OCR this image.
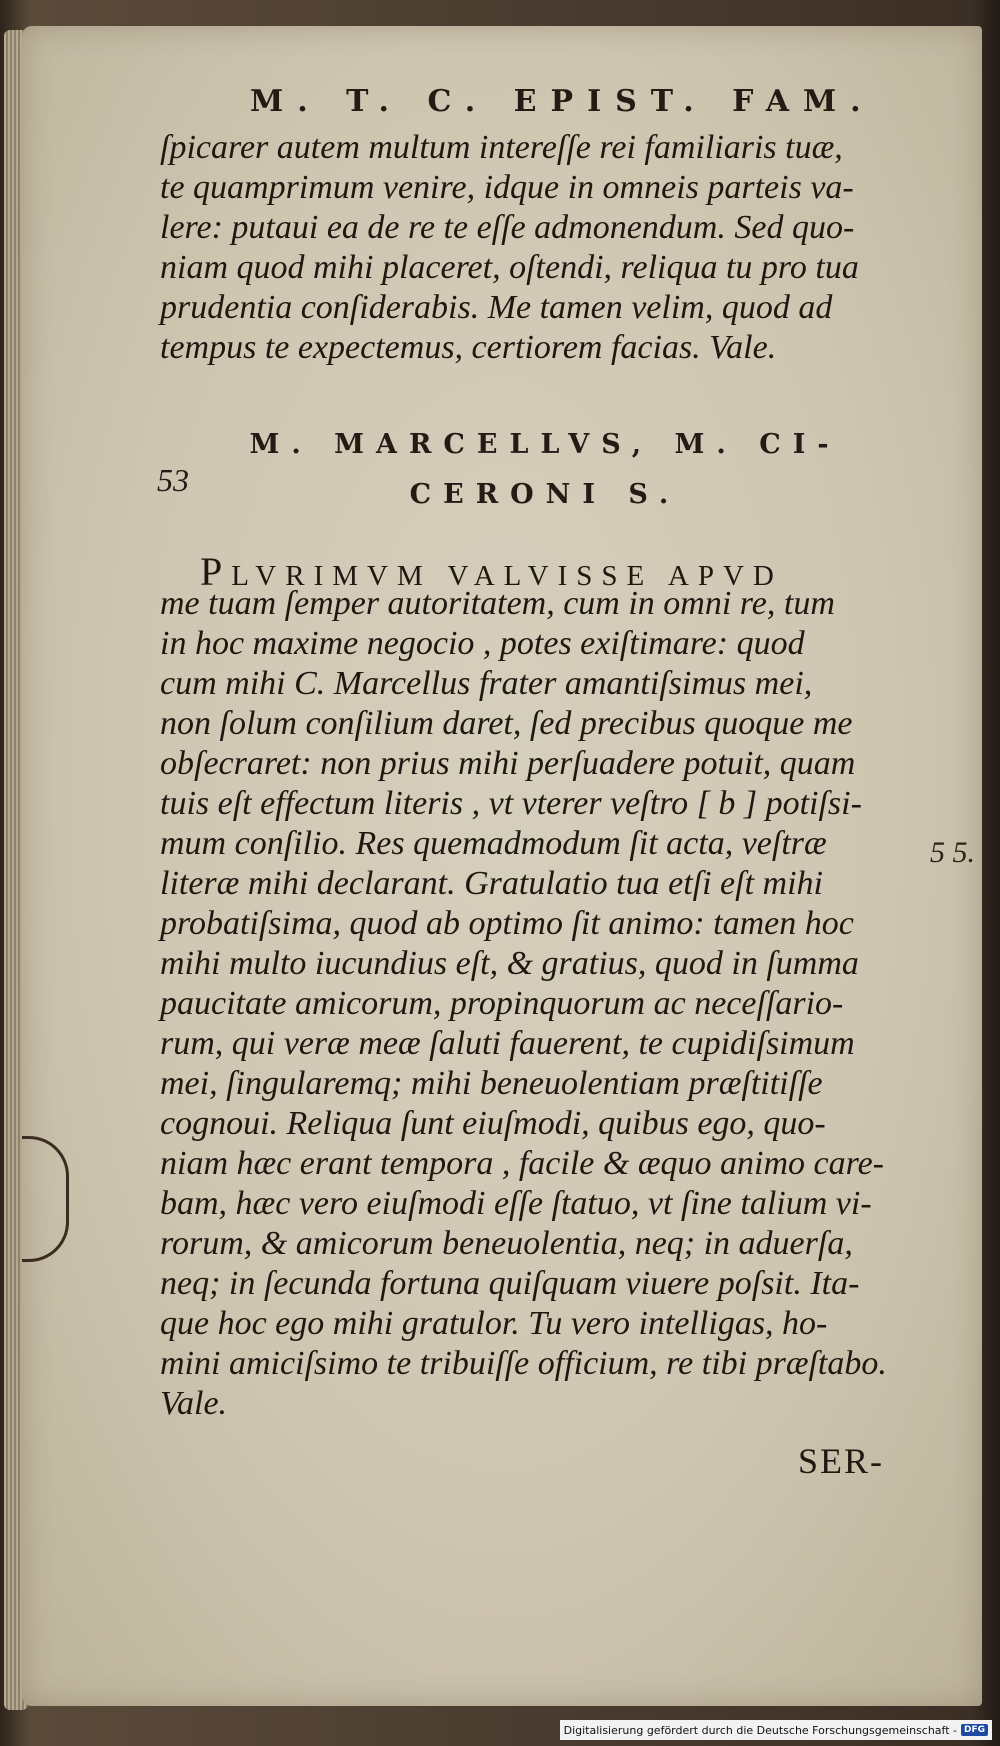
M. T. C. EPIST. FAM.
ſpicarer autem multum intereſſe rei familiaris tuæ,
te quamprimum venire, idque in omneis parteis va-
lere: putaui ea de re te eſſe admonendum. Sed quo-
niam quod mihi placeret, oſtendi, reliqua tu pro tua
prudentia conſiderabis. Me tamen velim, quod ad
tempus te expectemus, certiorem facias. Vale.
M. MARCELLVS, M. CI-
CERONI S.
53
PLVRIMVM VALVISSE APVD
me tuam ſemper autoritatem, cum in omni re, tum
in hoc maxime negocio , potes exiſtimare: quod
cum mihi C. Marcellus frater amantiſsimus mei,
non ſolum conſilium daret, ſed precibus quoque me
obſecraret: non prius mihi perſuadere potuit, quam
tuis eſt effectum literis , vt vterer veſtro [ b ] potiſsi-
mum conſilio. Res quemadmodum ſit acta, veſtræ
literæ mihi declarant. Gratulatio tua etſi eſt mihi
probatiſsima, quod ab optimo ſit animo: tamen hoc
mihi multo iucundius eſt, & gratius, quod in ſumma
paucitate amicorum, propinquorum ac neceſſario-
rum, qui veræ meæ ſaluti fauerent, te cupidiſsimum
mei, ſingularemq; mihi beneuolentiam præſtitiſſe
cognoui. Reliqua ſunt eiuſmodi, quibus ego, quo-
niam hæc erant tempora , facile & æquo animo care-
bam, hæc vero eiuſmodi eſſe ſtatuo, vt ſine talium vi-
rorum, & amicorum beneuolentia, neq; in aduerſa,
neq; in ſecunda fortuna quiſquam viuere poſsit. Ita-
que hoc ego mihi gratulor. Tu vero intelligas, ho-
mini amiciſsimo te tribuiſſe officium, re tibi præſtabo.
Vale.
5 5.
SER-
Digitalisierung gefördert durch die Deutsche Forschungsgemeinschaft - DFG
